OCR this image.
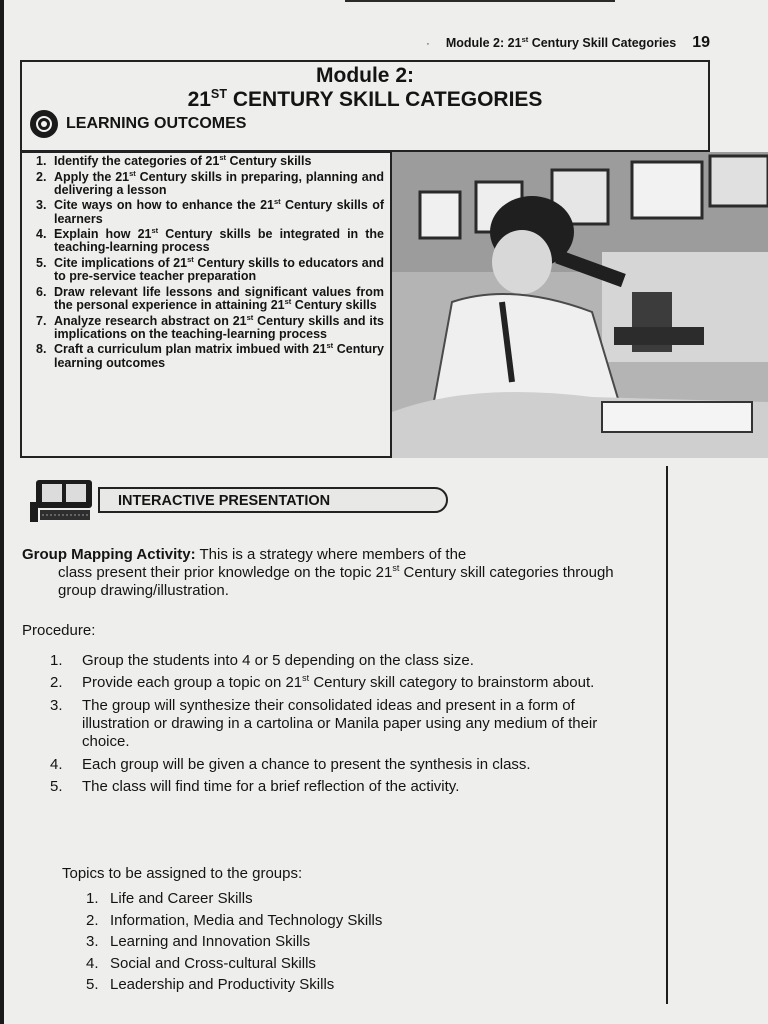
· Module 2: 21st Century Skill Categories 19
Module 2:
21ST CENTURY SKILL CATEGORIES
LEARNING OUTCOMES
1. Identify the categories of 21st Century skills
2. Apply the 21st Century skills in preparing, planning and delivering a lesson
3. Cite ways on how to enhance the 21st Century skills of learners
4. Explain how 21st Century skills be integrated in the teaching-learning process
5. Cite implications of 21st Century skills to educators and to pre-service teacher preparation
6. Draw relevant life lessons and significant values from the personal experience in attaining 21st Century skills
7. Analyze research abstract on 21st Century skills and its implications on the teaching-learning process
8. Craft a curriculum plan matrix imbued with 21st Century learning outcomes
INTERACTIVE PRESENTATION
Group Mapping Activity: This is a strategy where members of the
class present their prior knowledge on the topic 21st Century skill categories through group drawing/illustration.
Procedure:
1.	Group the students into 4 or 5 depending on the class size.
2.	Provide each group a topic on 21st Century skill category to brainstorm about.
3.	The group will synthesize their consolidated ideas and present in a form of illustration or drawing in a cartolina or Manila paper using any medium of their choice.
4.	Each group will be given a chance to present the synthesis in class.
5.	The class will find time for a brief reflection of the activity.
Topics to be assigned to the groups:
1. Life and Career Skills
2. Information, Media and Technology Skills
3. Learning and Innovation Skills
4. Social and Cross-cultural Skills
5. Leadership and Productivity Skills
